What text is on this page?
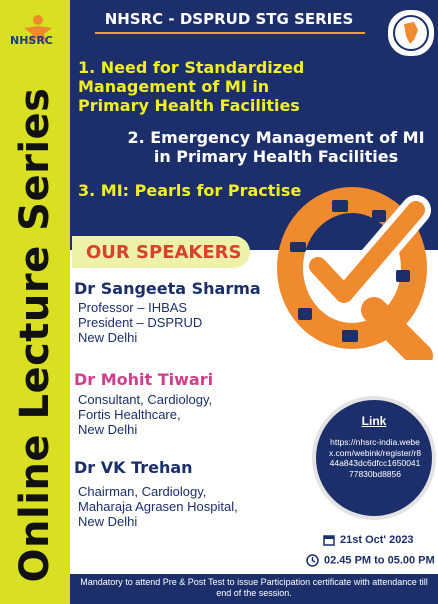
NHSRC
Online Lecture Series
NHSRC - DSPRUD STG SERIES
1. Need for Standardized Management of MI in Primary Health Facilities
2. Emergency Management of MI in Primary Health Facilities
3. MI: Pearls for Practise
OUR SPEAKERS
Dr Sangeeta Sharma
Professor – IHBAS
President – DSPRUD
New Delhi
Dr Mohit Tiwari
Consultant, Cardiology,
Fortis Healthcare,
New Delhi
Dr VK Trehan
Chairman, Cardiology,
Maharaja Agrasen Hospital,
New Delhi
Link
https://nhsrc-india.webex.com/webink/register/r844a843dc6dfcc165004177830bd8856
21st Oct' 2023
02.45 PM to 05.00 PM
Mandatory to attend Pre & Post Test to issue Participation certificate with attendance till end of the session.
